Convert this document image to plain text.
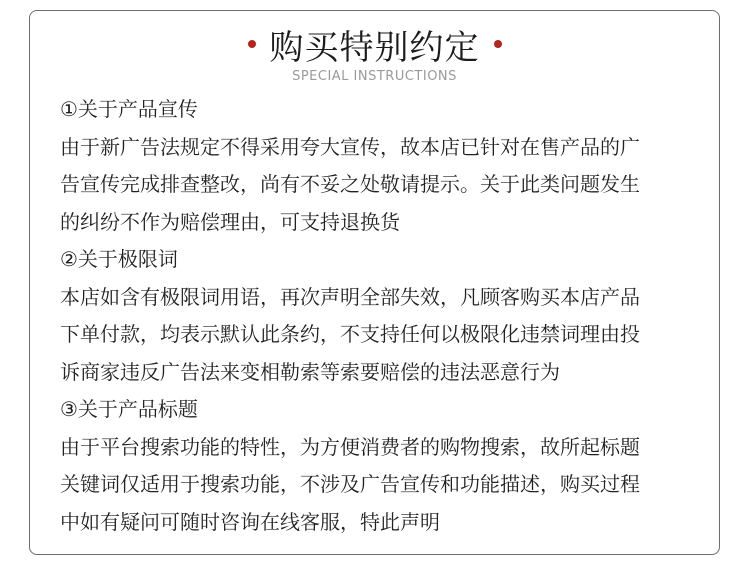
购买特别约定
SPECIAL INSTRUCTIONS
①关于产品宣传
由于新广告法规定不得采用夸大宣传，故本店已针对在售产品的广
告宣传完成排查整改，尚有不妥之处敬请提示。关于此类问题发生
的纠纷不作为赔偿理由，可支持退换货
②关于极限词
本店如含有极限词用语，再次声明全部失效，凡顾客购买本店产品
下单付款，均表示默认此条约，不支持任何以极限化违禁词理由投
诉商家违反广告法来变相勒索等索要赔偿的违法恶意行为
③关于产品标题
由于平台搜索功能的特性，为方便消费者的购物搜索，故所起标题
关键词仅适用于搜索功能，不涉及广告宣传和功能描述，购买过程
中如有疑问可随时咨询在线客服，特此声明
